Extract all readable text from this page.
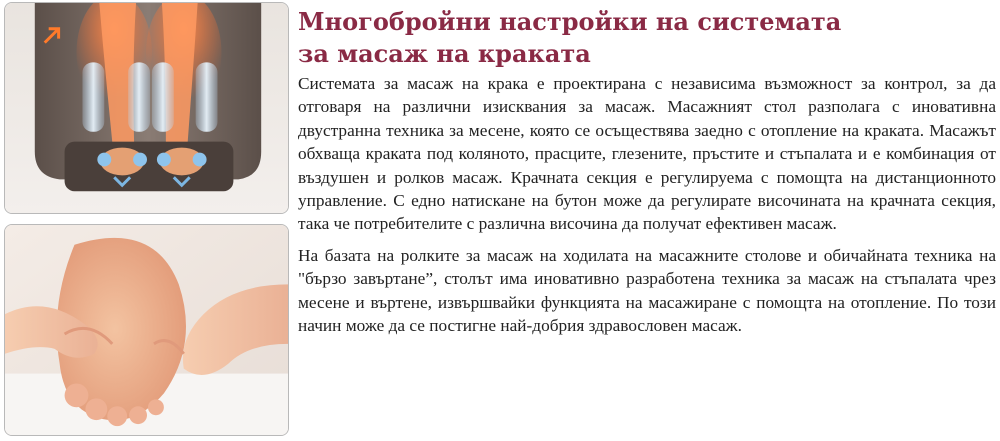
Многобройни настройки на системата
за масаж на краката

Системата за масаж на крака е проектирана с независима възможност за контрол, за да отговаря на различни изисквания за масаж. Масажният стол разполага с иновативна двустранна техника за месене, която се осъществява заедно с отопление на краката. Масажът обхваща краката под коляното, прасците, глезените, пръстите и стъпалата и е комбинация от въздушен и ролков масаж. Крачната секция е регулируема с помощта на дистанционното управление. С едно натискане на бутон може да регулирате височината на крачната секция, така че потребителите с различна височина да получат ефективен масаж.

На базата на ролките за масаж на ходилата на масажните столове и обичайната техника на "бързо завъртане”, столът има иновативно разработена техника за масаж на стъпалата чрез месене и въртене, извършвайки функцията на масажиране с помощта на отопление. По този начин може да се постигне най-добрия здравословен масаж.
